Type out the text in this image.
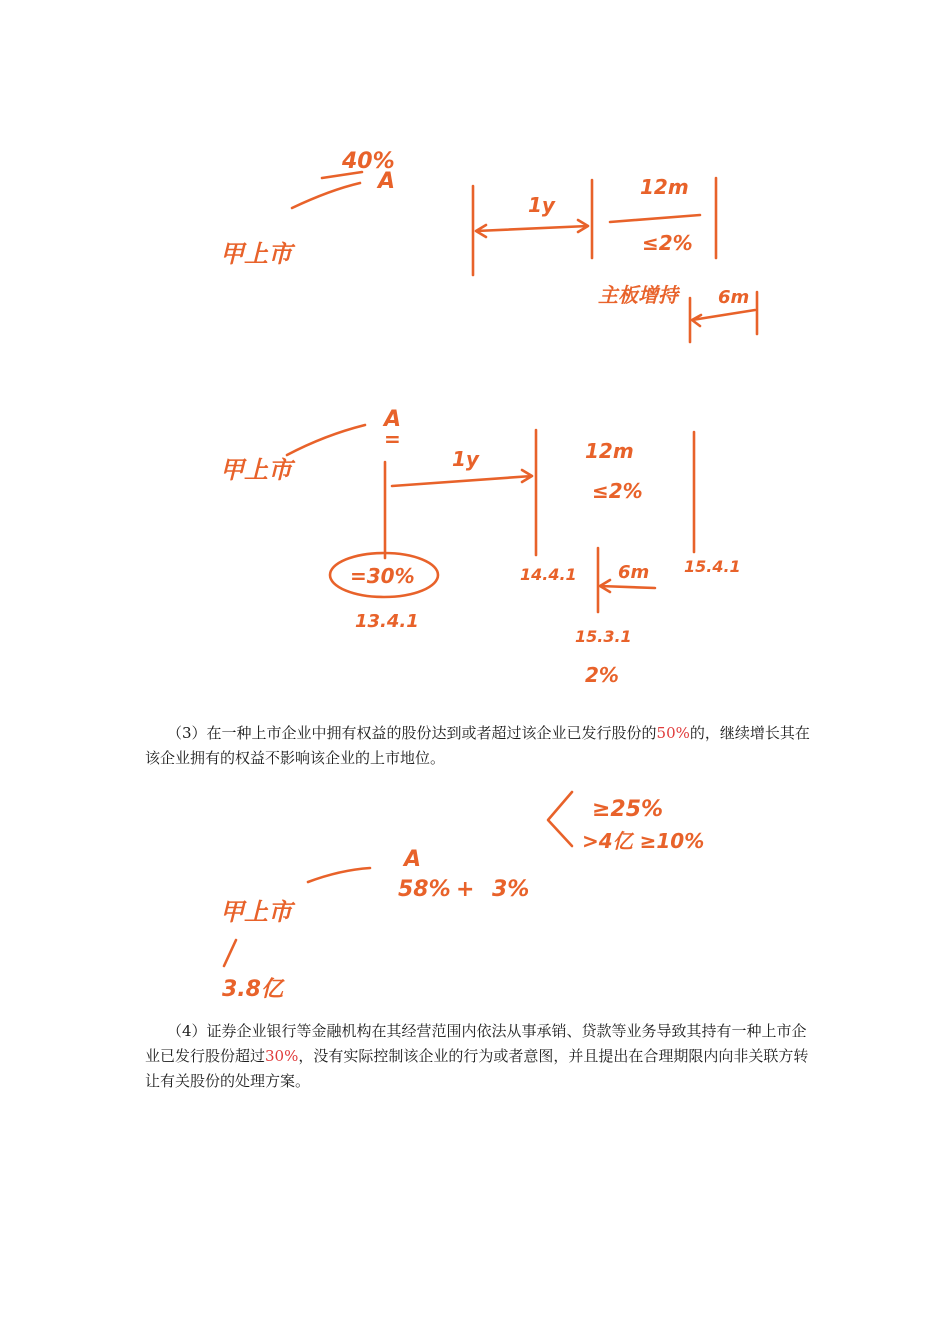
甲上市
40%
A
1y
12m
≤2%
主板增持 6m
甲上市
A
=
1y	12m
≤2%
=30%
13.4.1
14.4.1	15.4.1
6m
15.3.1
2%

（3）在一种上市企业中拥有权益的股份达到或者超过该企业已发行股份的50%的，继续增长其在该企业拥有的权益不影响该企业的上市地位。

≥25%
>4亿 ≥10%
A
58% + 3%
甲上市
3.8亿

（4）证券企业银行等金融机构在其经营范围内依法从事承销、贷款等业务导致其持有一种上市企业已发行股份超过30%，没有实际控制该企业的行为或者意图，并且提出在合理期限内向非关联方转让有关股份的处理方案。
